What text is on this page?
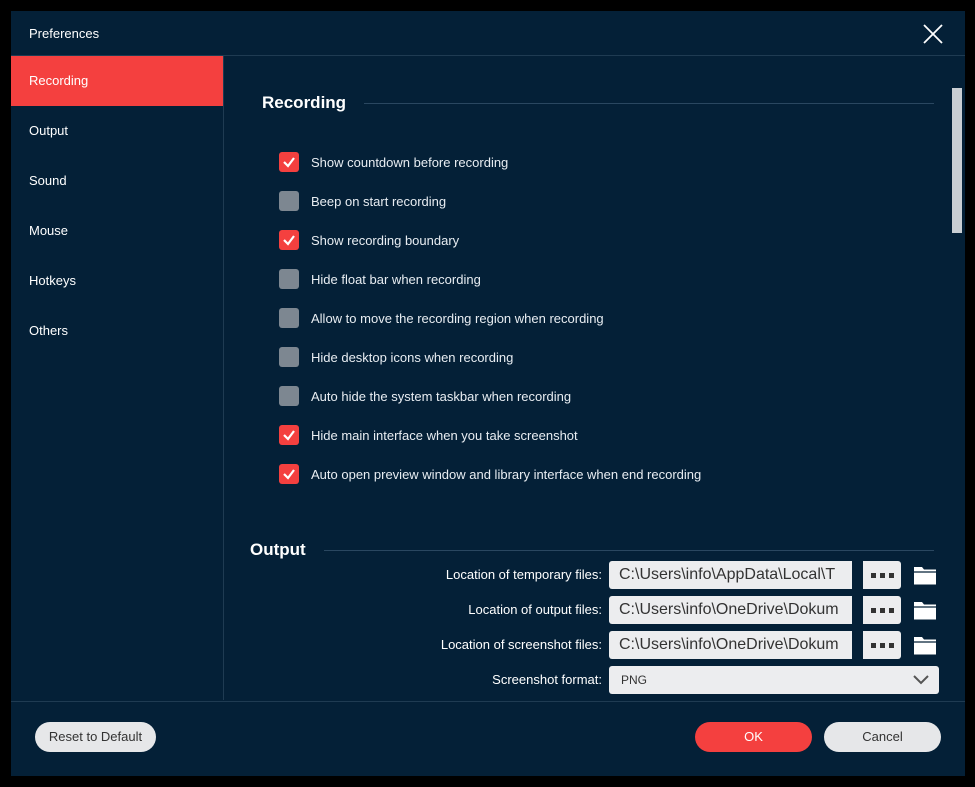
Preferences
Recording
Output
Sound
Mouse
Hotkeys
Others
Recording
Show countdown before recording
Beep on start recording
Show recording boundary
Hide float bar when recording
Allow to move the recording region when recording
Hide desktop icons when recording
Auto hide the system taskbar when recording
Hide main interface when you take screenshot
Auto open preview window and library interface when end recording
Output
Location of temporary files:	C:\Users\info\AppData\Local\T
Location of output files:	C:\Users\info\OneDrive\Dokum
Location of screenshot files:	C:\Users\info\OneDrive\Dokum
Screenshot format:	PNG
Reset to Default	OK	Cancel
